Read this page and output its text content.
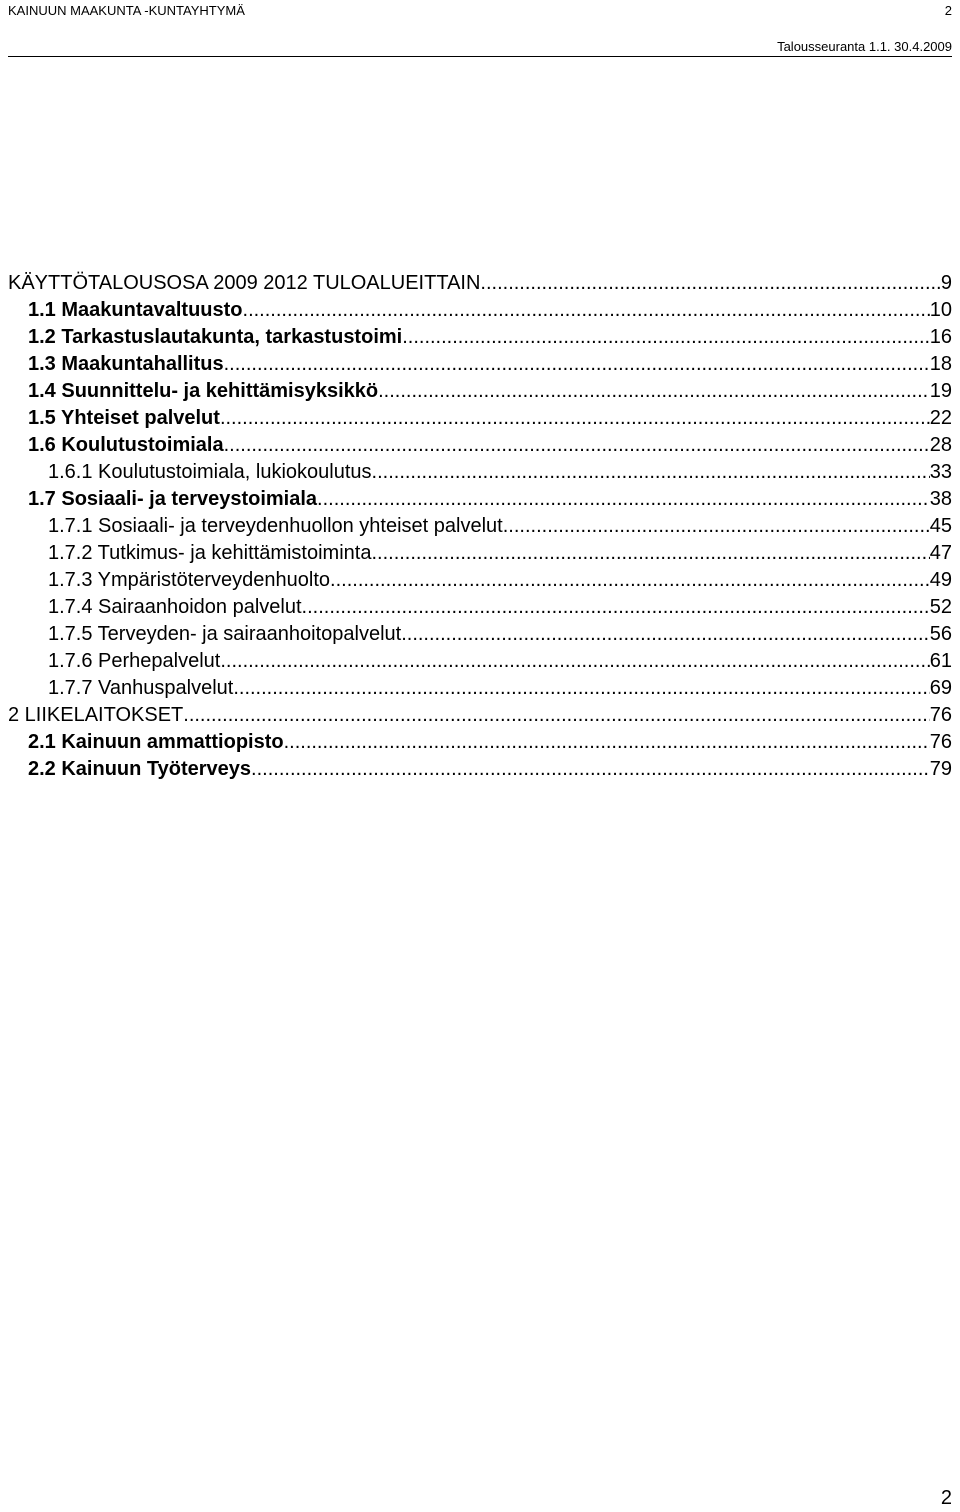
KAINUUN MAAKUNTA -KUNTAYHTYMÄ	2
Talousseuranta 1.1. 30.4.2009
KÄYTTÖTALOUSOSA 2009 2012 TULOALUEITTAIN .....	9
1.1 Maakuntavaltuusto .....	10
1.2 Tarkastuslautakunta, tarkastustoimi .....	16
1.3 Maakuntahallitus .....	18
1.4 Suunnittelu- ja kehittämisyksikkö .....	19
1.5 Yhteiset palvelut .....	22
1.6 Koulutustoimiala .....	28
1.6.1 Koulutustoimiala, lukiokoulutus .....	33
1.7 Sosiaali- ja terveystoimiala .....	38
1.7.1 Sosiaali- ja terveydenhuollon yhteiset palvelut .....	45
1.7.2 Tutkimus- ja kehittämistoiminta .....	47
1.7.3 Ympäristöterveydenhuolto .....	49
1.7.4 Sairaanhoidon palvelut .....	52
1.7.5 Terveyden- ja sairaanhoitopalvelut .....	56
1.7.6 Perhepalvelut .....	61
1.7.7 Vanhuspalvelut .....	69
2 LIIKELAITOKSET .....	76
2.1 Kainuun ammattiopisto .....	76
2.2 Kainuun Työterveys .....	79
2
